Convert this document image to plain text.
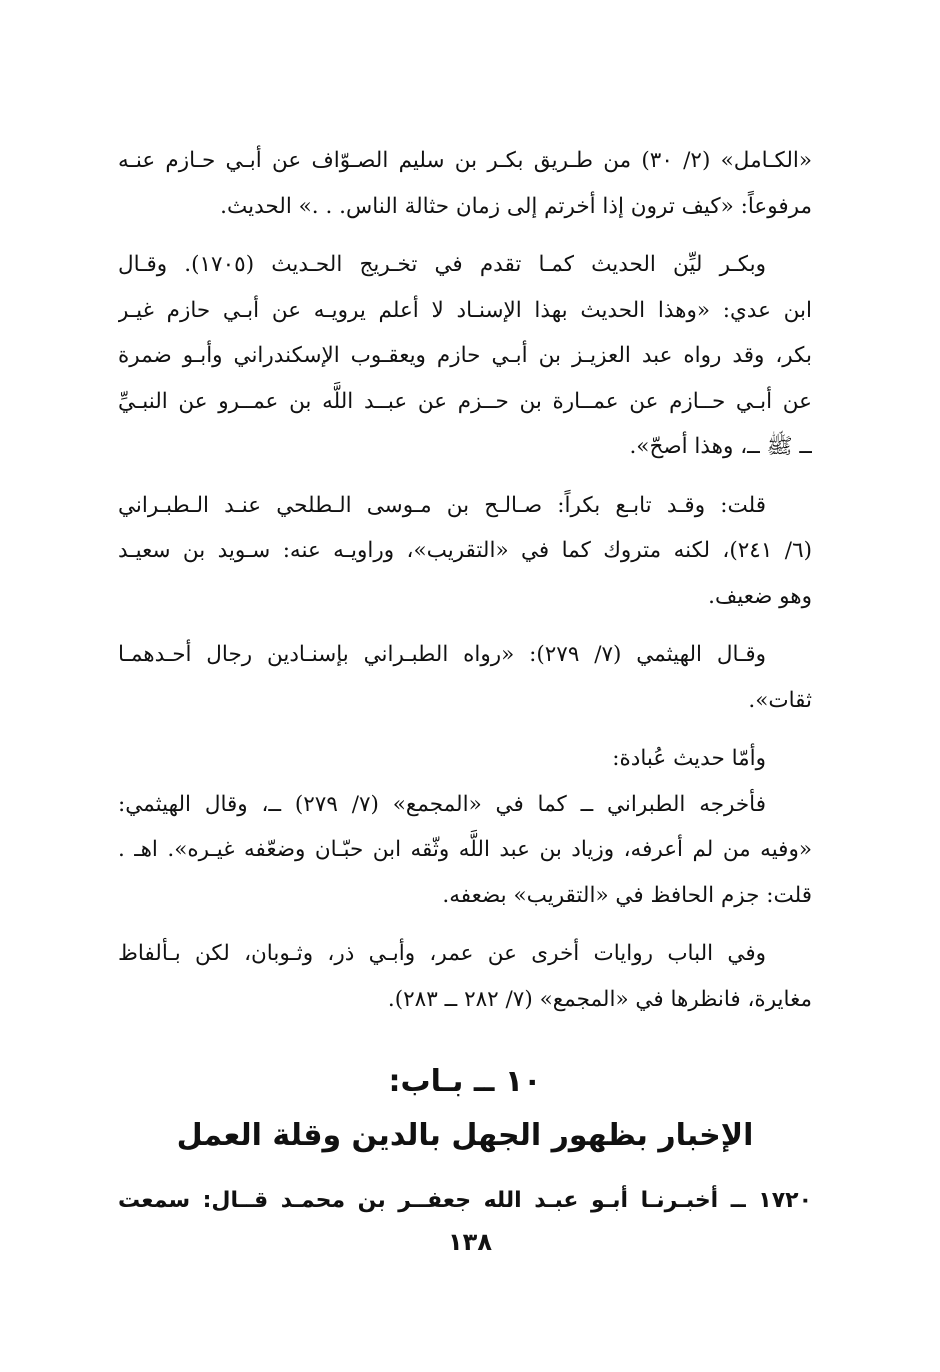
«الكـامل» (٢/ ٣٠) من طـريق بكـر بن سليم الصـوّاف عن أبـي حـازم عنـه
مرفوعاً: «كيف ترون إذا أخرتم إلى زمان حثالة الناس. . .» الحديث.
وبكـر ليِّن الحديث كمـا تقدم في تخـريج الحـديث (١٧٠٥). وقـال
ابن عدي: «وهذا الحديث بهذا الإسنـاد لا أعلم يرويـه عن أبـي حازم غيـر
بكر، وقد رواه عبد العزيـز بن أبـي حازم ويعقـوب الإسكندراني وأبـو ضمرة
عن أبـي حــازم عن عمــارة بن حــزم عن عبــد اللَّه بن عمــرو عن النبـيِّ
ــ ﷺ ــ، وهذا أصحّ».
قلت: وقـد تابـع بكراً: صـالـح بن مـوسى الـطلحي عنـد الـطبـراني
(٦/ ٢٤١)، لكنه متروك كما في «التقريب»، وراويـه عنه: سـويد بن سعيـد
وهو ضعيف.
وقـال الهيثمي (٧/ ٢٧٩): «رواه الطبـراني بإسنـادين رجال أحـدهمـا
ثقات».
وأمّا حديث عُبادة:
فأخرجه الطبراني ــ كما في «المجمع» (٧/ ٢٧٩) ــ، وقال الهيثمي:
«وفيه من لم أعرفه، وزياد بن عبد اللَّه وثّقه ابن حبّـان وضعّفه غيـره». اهـ .
قلت: جزم الحافظ في «التقريب» بضعفه.
وفي الباب روايات أخرى عن عمر، وأبـي ذر، وثـوبان، لكن بـألفاظ
مغايرة، فانظرها في «المجمع» (٧/ ٢٨٢ ــ ٢٨٣).
١٠ ــ بـاب:
الإخبار بظهور الجهل بالدين وقلة العمل
١٧٢٠ ــ أخبـرنـا أبـو عبـد الله جعفــر بن محمـد قــال: سمعت
١٣٨
